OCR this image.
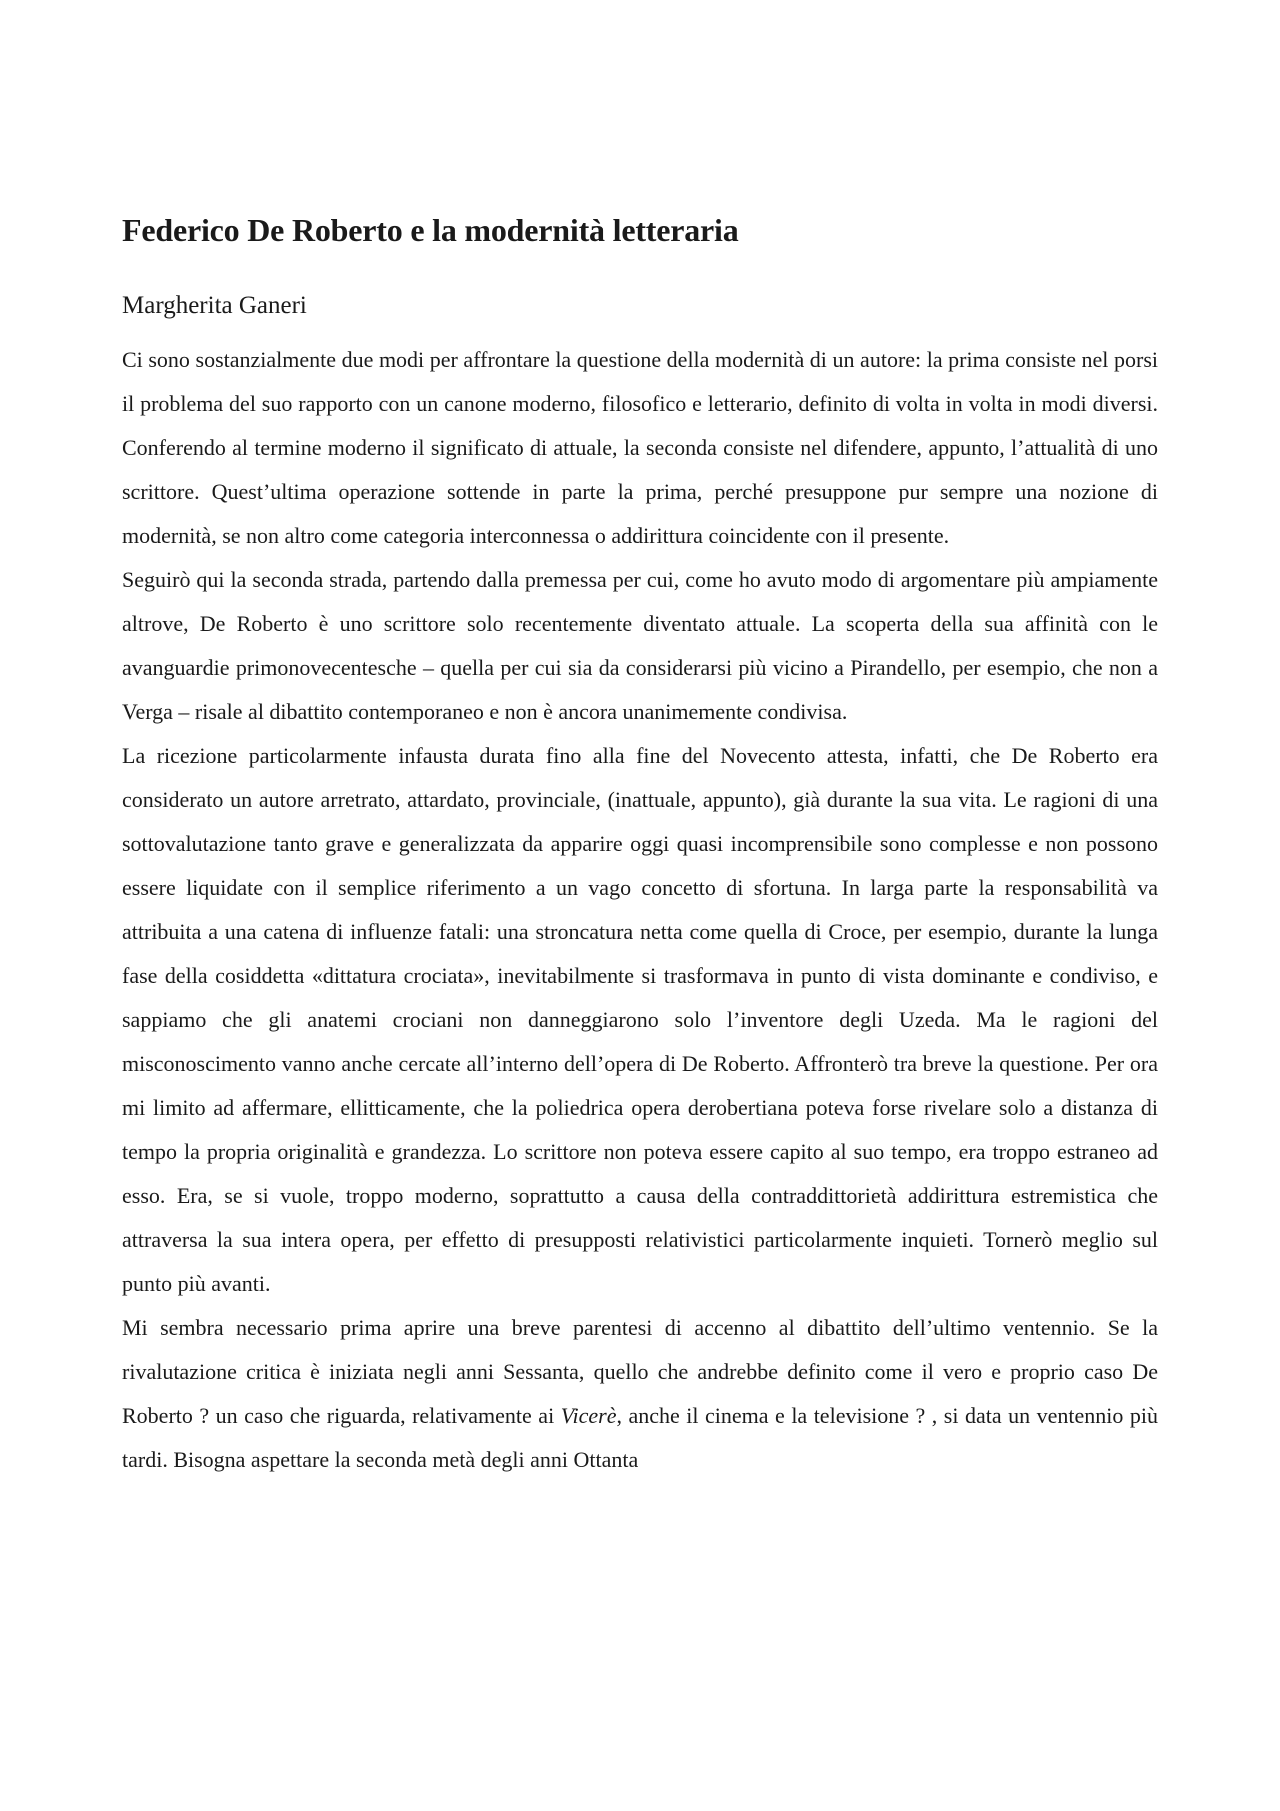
Federico De Roberto e la modernità letteraria
Margherita Ganeri

Ci sono sostanzialmente due modi per affrontare la questione della modernità di un autore: la prima consiste nel porsi il problema del suo rapporto con un canone moderno, filosofico e letterario, definito di volta in volta in modi diversi. Conferendo al termine moderno il significato di attuale, la seconda consiste nel difendere, appunto, l’attualità di uno scrittore. Quest’ultima operazione sottende in parte la prima, perché presuppone pur sempre una nozione di modernità, se non altro come categoria interconnessa o addirittura coincidente con il presente.

Seguirò qui la seconda strada, partendo dalla premessa per cui, come ho avuto modo di argomentare più ampiamente altrove, De Roberto è uno scrittore solo recentemente diventato attuale. La scoperta della sua affinità con le avanguardie primonovecentesche – quella per cui sia da considerarsi più vicino a Pirandello, per esempio, che non a Verga – risale al dibattito contemporaneo e non è ancora unanimemente condivisa.

La ricezione particolarmente infausta durata fino alla fine del Novecento attesta, infatti, che De Roberto era considerato un autore arretrato, attardato, provinciale, (inattuale, appunto), già durante la sua vita. Le ragioni di una sottovalutazione tanto grave e generalizzata da apparire oggi quasi incomprensibile sono complesse e non possono essere liquidate con il semplice riferimento a un vago concetto di sfortuna. In larga parte la responsabilità va attribuita a una catena di influenze fatali: una stroncatura netta come quella di Croce, per esempio, durante la lunga fase della cosiddetta «dittatura crociata», inevitabilmente si trasformava in punto di vista dominante e condiviso, e sappiamo che gli anatemi crociani non danneggiarono solo l’inventore degli Uzeda. Ma le ragioni del misconoscimento vanno anche cercate all’interno dell’opera di De Roberto. Affronterò tra breve la questione. Per ora mi limito ad affermare, ellitticamente, che la poliedrica opera derobertiana poteva forse rivelare solo a distanza di tempo la propria originalità e grandezza. Lo scrittore non poteva essere capito al suo tempo, era troppo estraneo ad esso. Era, se si vuole, troppo moderno, soprattutto a causa della contraddittorietà addirittura estremistica che attraversa la sua intera opera, per effetto di presupposti relativistici particolarmente inquieti. Tornerò meglio sul punto più avanti.

Mi sembra necessario prima aprire una breve parentesi di accenno al dibattito dell’ultimo ventennio. Se la rivalutazione critica è iniziata negli anni Sessanta, quello che andrebbe definito come il vero e proprio caso De Roberto ? un caso che riguarda, relativamente ai Vicerè, anche il cinema e la televisione ? , si data un ventennio più tardi. Bisogna aspettare la seconda metà degli anni Ottanta
